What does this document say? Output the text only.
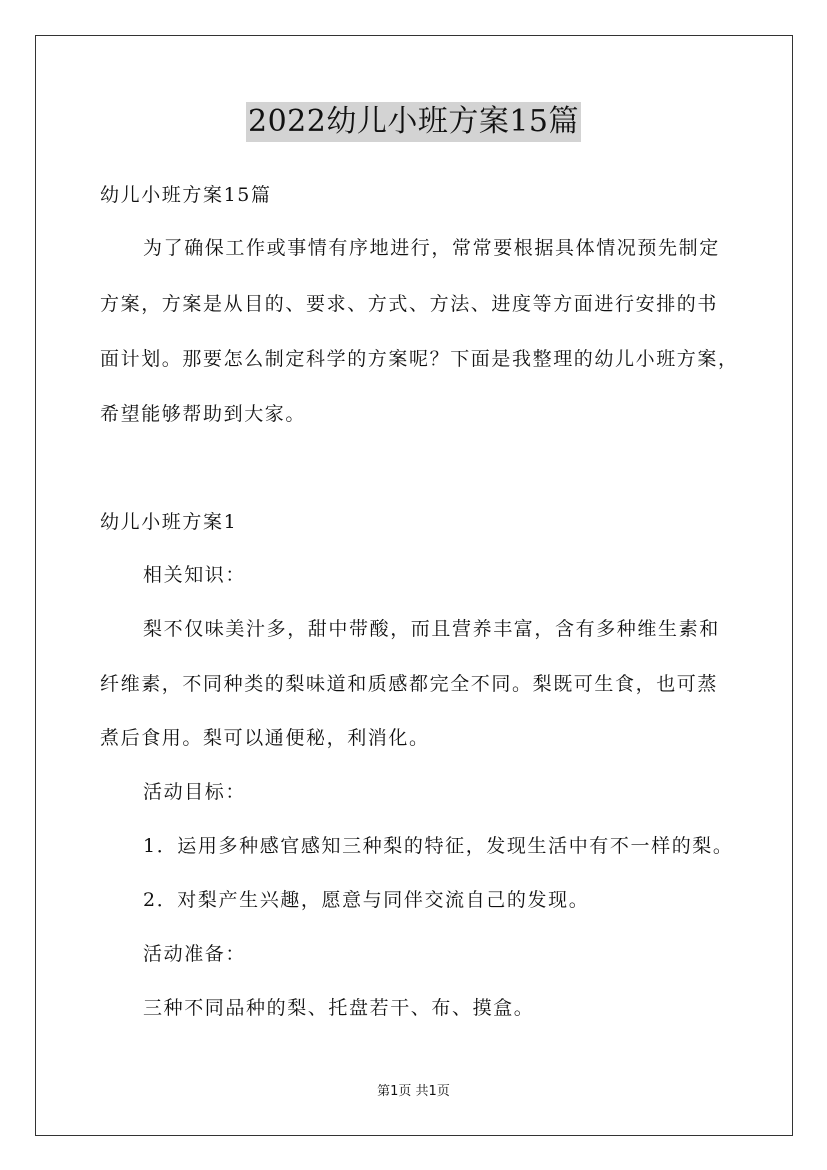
2022幼儿小班方案15篇
幼儿小班方案15篇
为了确保工作或事情有序地进行，常常要根据具体情况预先制定
方案，方案是从目的、要求、方式、方法、进度等方面进行安排的书
面计划。那要怎么制定科学的方案呢？下面是我整理的幼儿小班方案，
希望能够帮助到大家。
幼儿小班方案1
相关知识：
梨不仅味美汁多，甜中带酸，而且营养丰富，含有多种维生素和
纤维素，不同种类的梨味道和质感都完全不同。梨既可生食，也可蒸
煮后食用。梨可以通便秘，利消化。
活动目标：
1．运用多种感官感知三种梨的特征，发现生活中有不一样的梨。
2．对梨产生兴趣，愿意与同伴交流自己的发现。
活动准备：
三种不同品种的梨、托盘若干、布、摸盒。
第1页 共1页
